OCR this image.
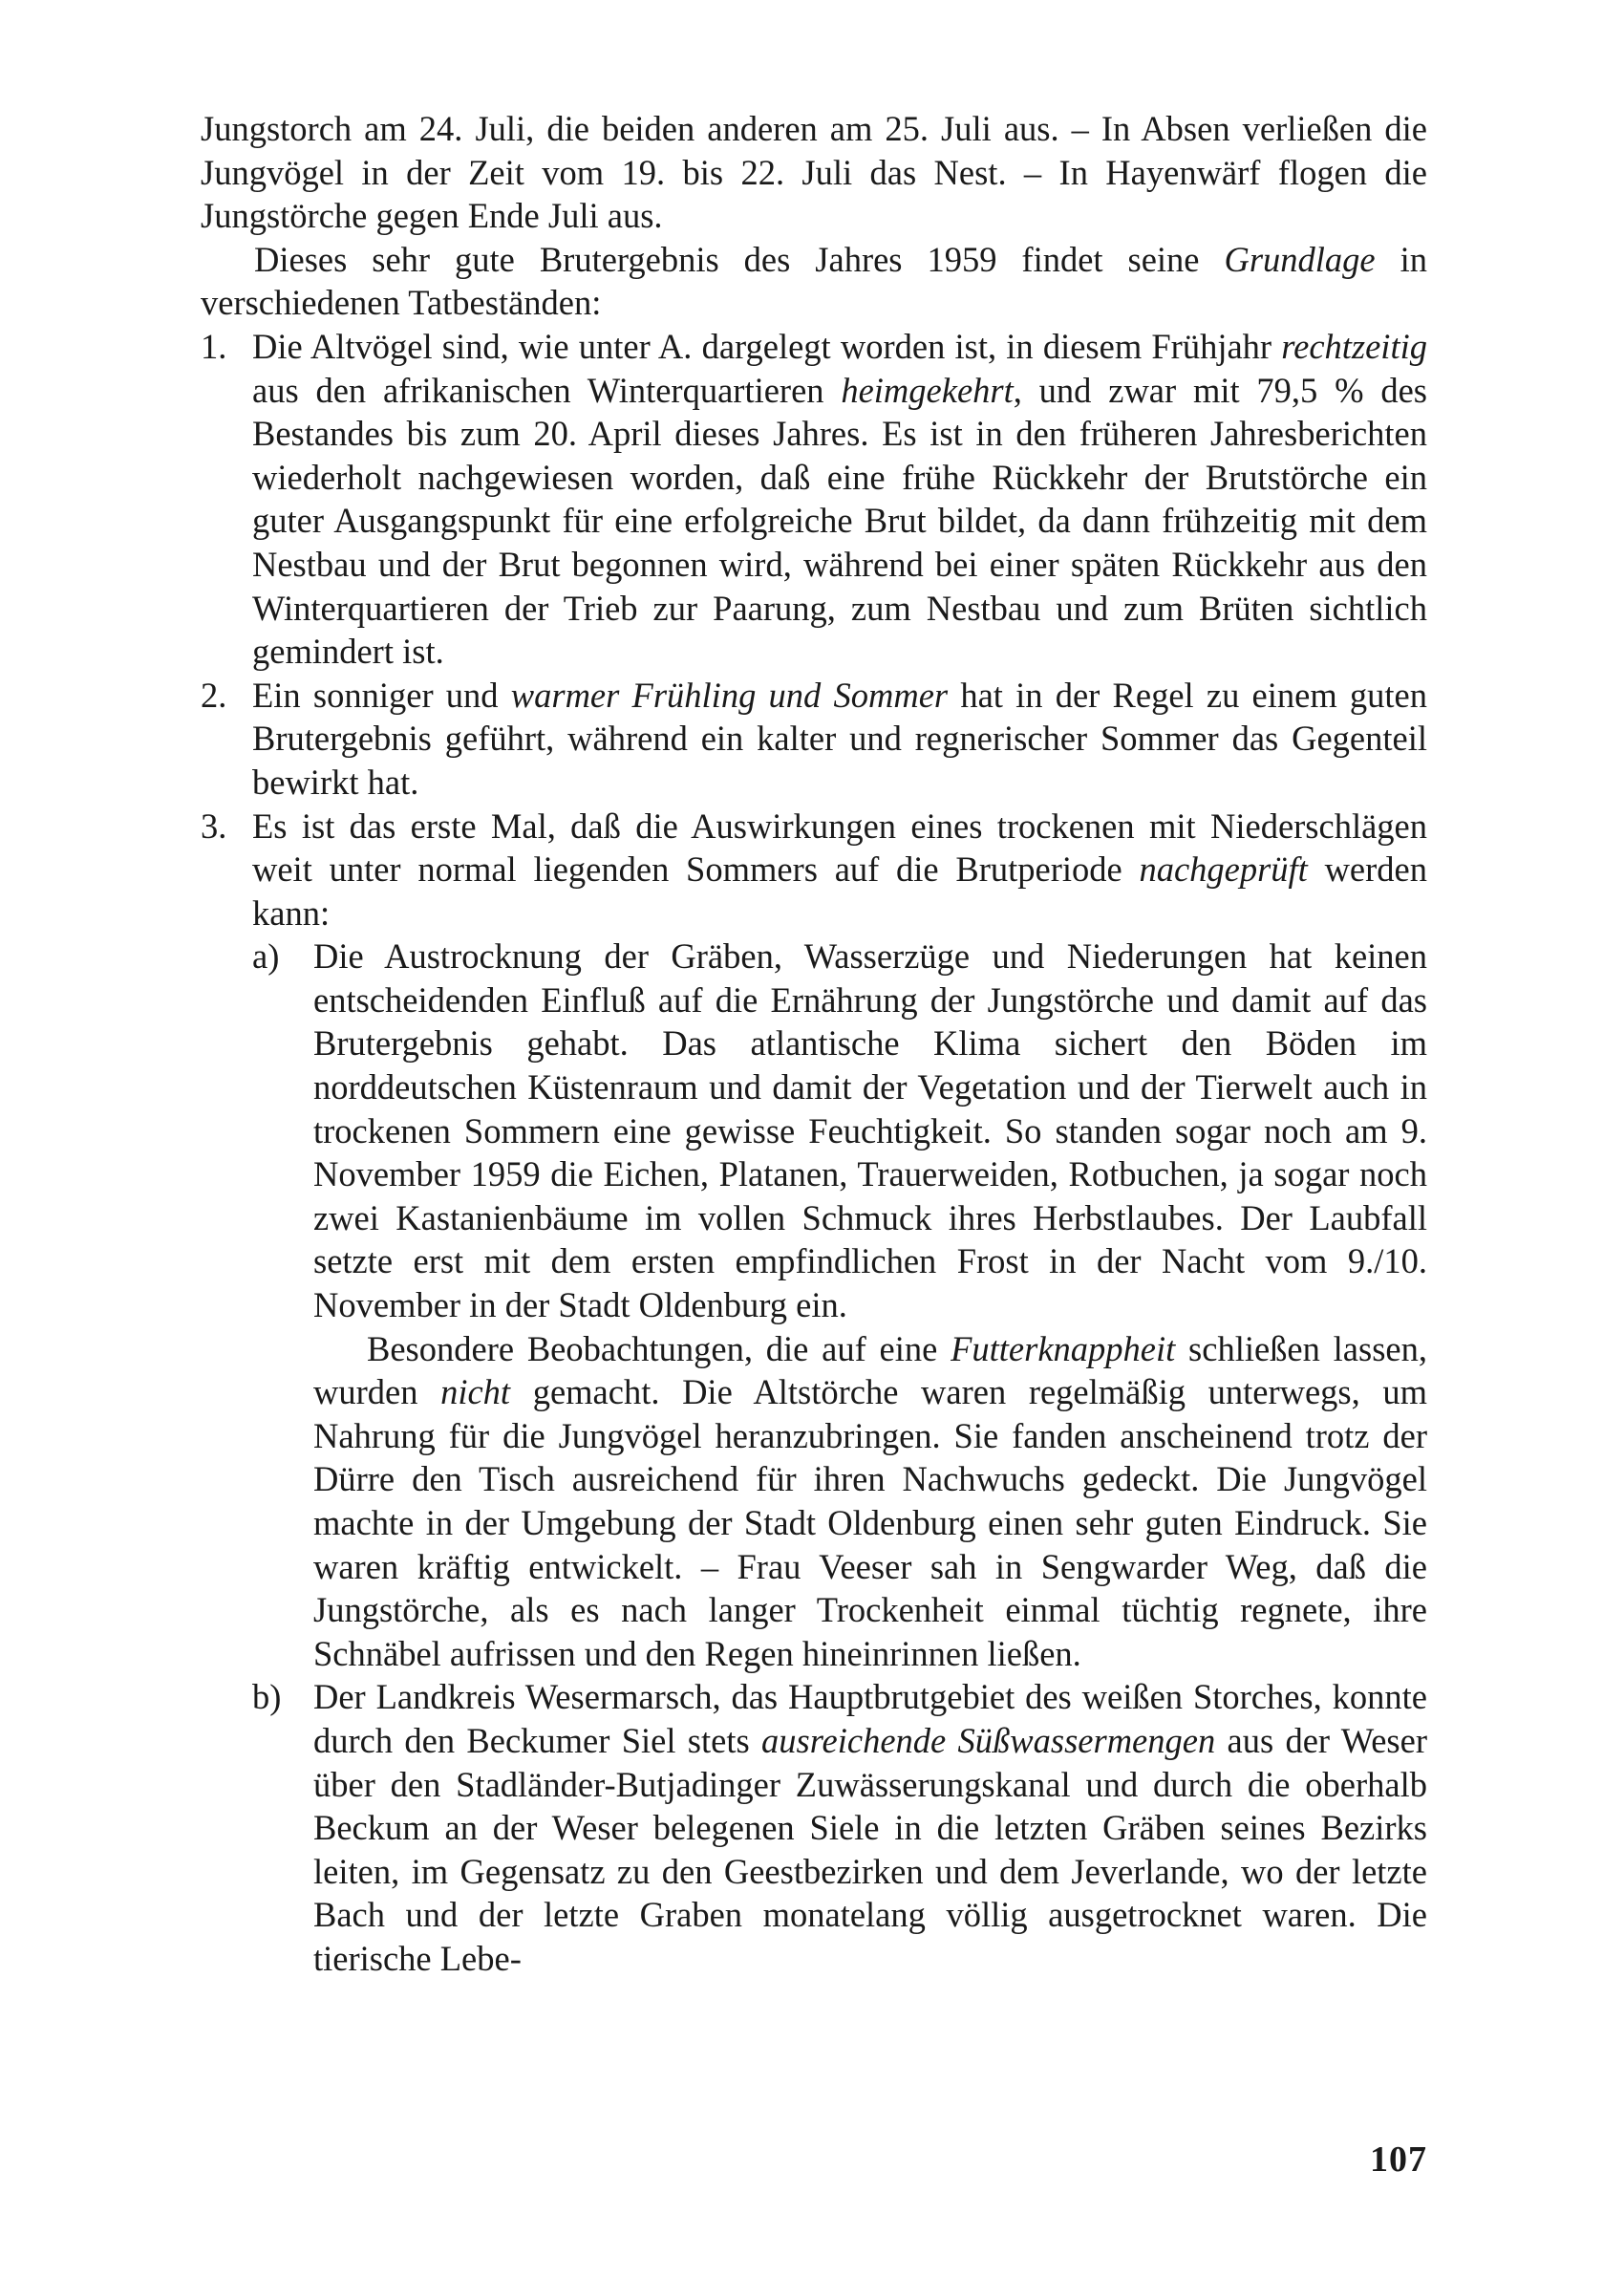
Jungstorch am 24. Juli, die beiden anderen am 25. Juli aus. – In Absen verließen die Jungvögel in der Zeit vom 19. bis 22. Juli das Nest. – In Hayenwärf flogen die Jungstörche gegen Ende Juli aus.

Dieses sehr gute Brutergebnis des Jahres 1959 findet seine Grundlage in verschiedenen Tatbeständen:

1. Die Altvögel sind, wie unter A. dargelegt worden ist, in diesem Frühjahr rechtzeitig aus den afrikanischen Winterquartieren heimgekehrt, und zwar mit 79,5 % des Bestandes bis zum 20. April dieses Jahres. Es ist in den früheren Jahresberichten wiederholt nachgewiesen worden, daß eine frühe Rückkehr der Brutstörche ein guter Ausgangspunkt für eine erfolgreiche Brut bildet, da dann frühzeitig mit dem Nestbau und der Brut begonnen wird, während bei einer späten Rückkehr aus den Winterquartieren der Trieb zur Paarung, zum Nestbau und zum Brüten sichtlich gemindert ist.

2. Ein sonniger und warmer Frühling und Sommer hat in der Regel zu einem guten Brutergebnis geführt, während ein kalter und regnerischer Sommer das Gegenteil bewirkt hat.

3. Es ist das erste Mal, daß die Auswirkungen eines trockenen mit Niederschlägen weit unter normal liegenden Sommers auf die Brutperiode nachgeprüft werden kann:

a) Die Austrocknung der Gräben, Wasserzüge und Niederungen hat keinen entscheidenden Einfluß auf die Ernährung der Jungstörche und damit auf das Brutergebnis gehabt. Das atlantische Klima sichert den Böden im norddeutschen Küstenraum und damit der Vegetation und der Tierwelt auch in trockenen Sommern eine gewisse Feuchtigkeit. So standen sogar noch am 9. November 1959 die Eichen, Platanen, Trauerweiden, Rotbuchen, ja sogar noch zwei Kastanienbäume im vollen Schmuck ihres Herbstlaubes. Der Laubfall setzte erst mit dem ersten empfindlichen Frost in der Nacht vom 9./10. November in der Stadt Oldenburg ein.

Besondere Beobachtungen, die auf eine Futterknappheit schließen lassen, wurden nicht gemacht. Die Altstörche waren regelmäßig unterwegs, um Nahrung für die Jungvögel heranzubringen. Sie fanden anscheinend trotz der Dürre den Tisch ausreichend für ihren Nachwuchs gedeckt. Die Jungvögel machte in der Umgebung der Stadt Oldenburg einen sehr guten Eindruck. Sie waren kräftig entwickelt. – Frau Veeser sah in Sengwarder Weg, daß die Jungstörche, als es nach langer Trockenheit einmal tüchtig regnete, ihre Schnäbel aufrissen und den Regen hineinrinnen ließen.

b) Der Landkreis Wesermarsch, das Hauptbrutgebiet des weißen Storches, konnte durch den Beckumer Siel stets ausreichende Süßwassermengen aus der Weser über den Stadländer-Butjadinger Zuwässerungskanal und durch die oberhalb Beckum an der Weser belegenen Siele in die letzten Gräben seines Bezirks leiten, im Gegensatz zu den Geestbezirken und dem Jeverlande, wo der letzte Bach und der letzte Graben monatelang völlig ausgetrocknet waren. Die tierische Lebe-

107
